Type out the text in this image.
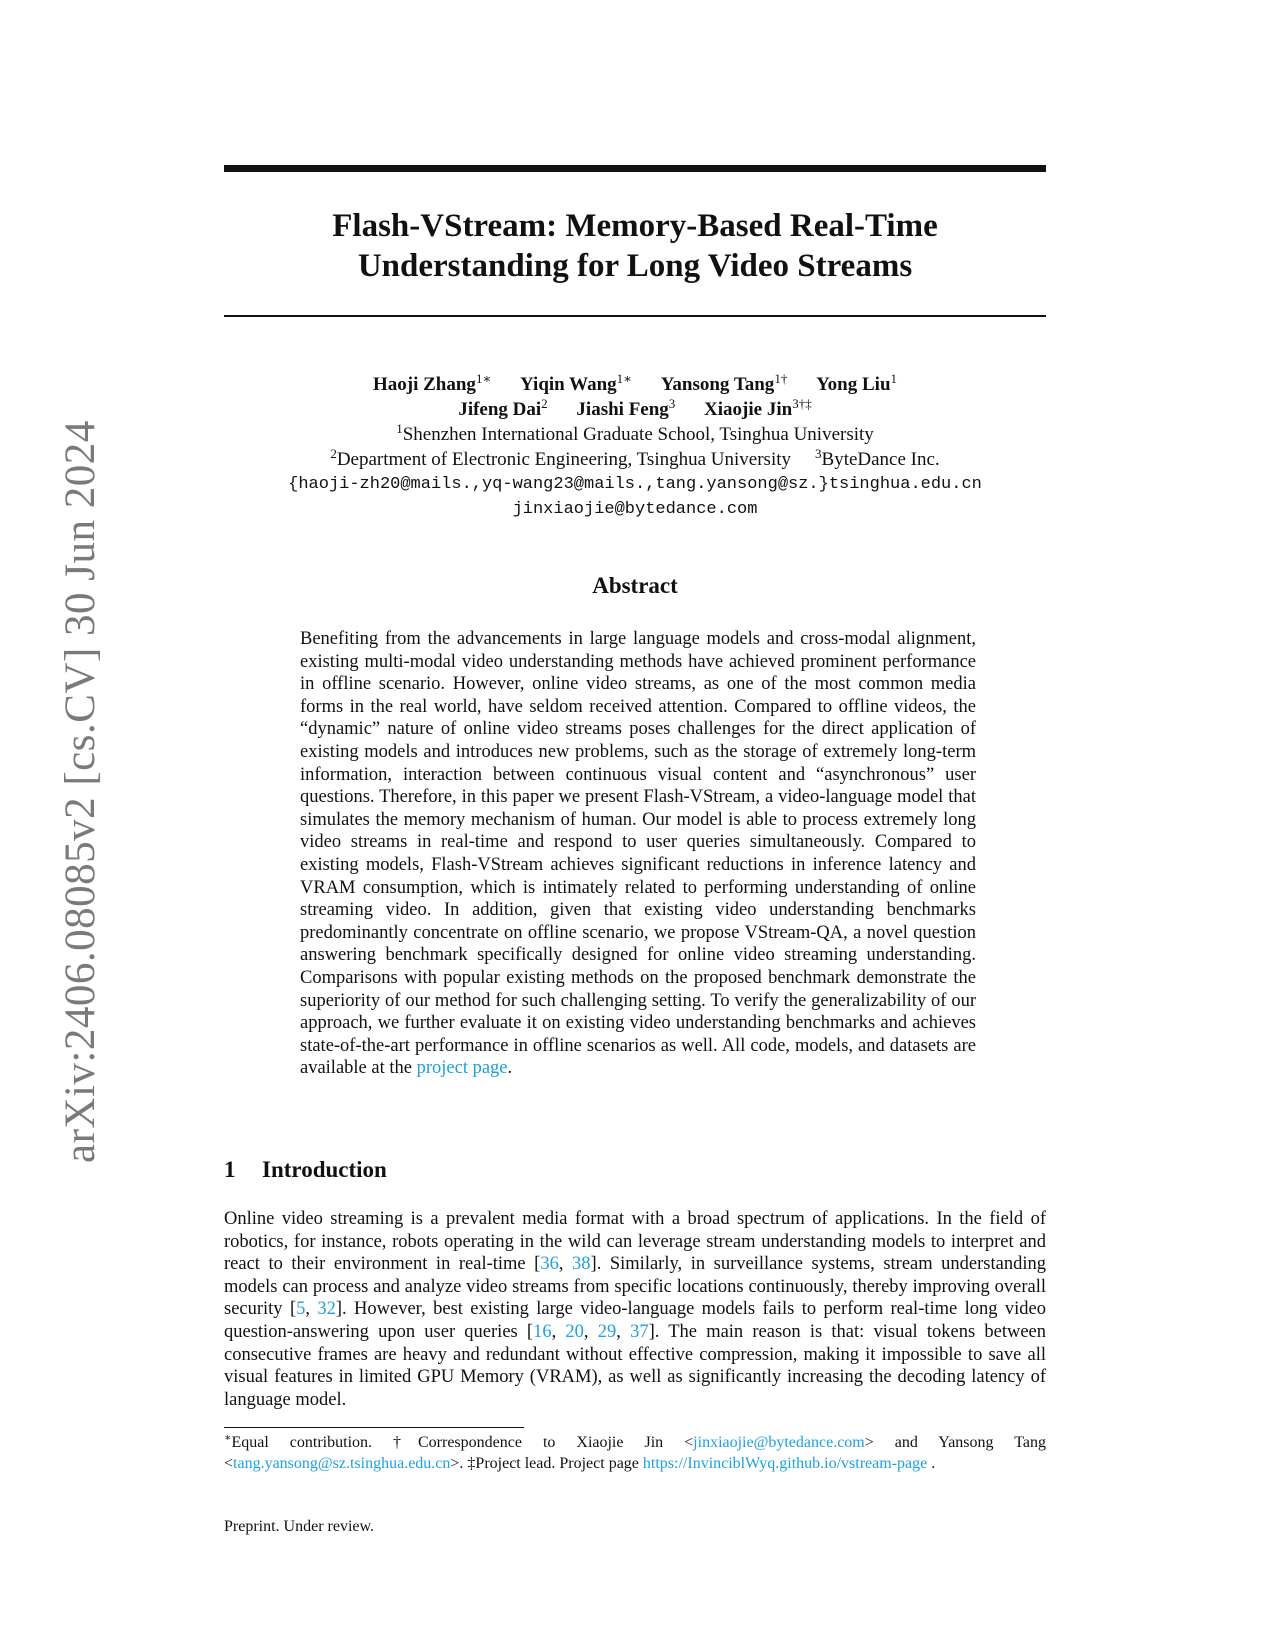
arXiv:2406.08085v2 [cs.CV] 30 Jun 2024
Flash-VStream: Memory-Based Real-Time
Understanding for Long Video Streams
Haoji Zhang$^{1∗}$ Yiqin Wang$^{1∗}$ Yansong Tang$^{1\dagger}$ Yong Liu$^1$
Jifeng Dai$^2$ Jiashi Feng$^3$ Xiaojie Jin$^{3\dagger\ddagger}$
$^1$Shenzhen International Graduate School, Tsinghua University
$^2$Department of Electronic Engineering, Tsinghua University $^3$ByteDance Inc.
{haoji-zh20@mails.,yq-wang23@mails.,tang.yansong@sz.}tsinghua.edu.cn
jinxiaojie@bytedance.com
Abstract
Benefiting from the advancements in large language models and cross-modal alignment, existing multi-modal video understanding methods have achieved prominent performance in offline scenario. However, online video streams, as one of the most common media forms in the real world, have seldom received attention. Compared to offline videos, the “dynamic” nature of online video streams poses challenges for the direct application of existing models and introduces new problems, such as the storage of extremely long-term information, interaction between continuous visual content and “asynchronous” user questions. Therefore, in this paper we present Flash-VStream, a video-language model that simulates the memory mechanism of human. Our model is able to process extremely long video streams in real-time and respond to user queries simultaneously. Compared to existing models, Flash-VStream achieves significant reductions in inference latency and VRAM consumption, which is intimately related to performing understanding of online streaming video. In addition, given that existing video understanding benchmarks predominantly concentrate on offline scenario, we propose VStream-QA, a novel question answering benchmark specifically designed for online video streaming understanding. Comparisons with popular existing methods on the proposed benchmark demonstrate the superiority of our method for such challenging setting. To verify the generalizability of our approach, we further evaluate it on existing video understanding benchmarks and achieves state-of-the-art performance in offline scenarios as well. All code, models, and datasets are available at the project page.
1 Introduction
Online video streaming is a prevalent media format with a broad spectrum of applications. In the field of robotics, for instance, robots operating in the wild can leverage stream understanding models to interpret and react to their environment in real-time [36, 38]. Similarly, in surveillance systems, stream understanding models can process and analyze video streams from specific locations continuously, thereby improving overall security [5, 32]. However, best existing large video-language models fails to perform real-time long video question-answering upon user queries [16, 20, 29, 37]. The main reason is that: visual tokens between consecutive frames are heavy and redundant without effective compression, making it impossible to save all visual features in limited GPU Memory (VRAM), as well as significantly increasing the decoding latency of language model.
∗Equal contribution. †Correspondence to Xiaojie Jin <jinxiaojie@bytedance.com> and Yansong Tang <tang.yansong@sz.tsinghua.edu.cn>. ‡Project lead. Project page https://InvinciblWyq.github.io/vstream-page .
Preprint. Under review.
